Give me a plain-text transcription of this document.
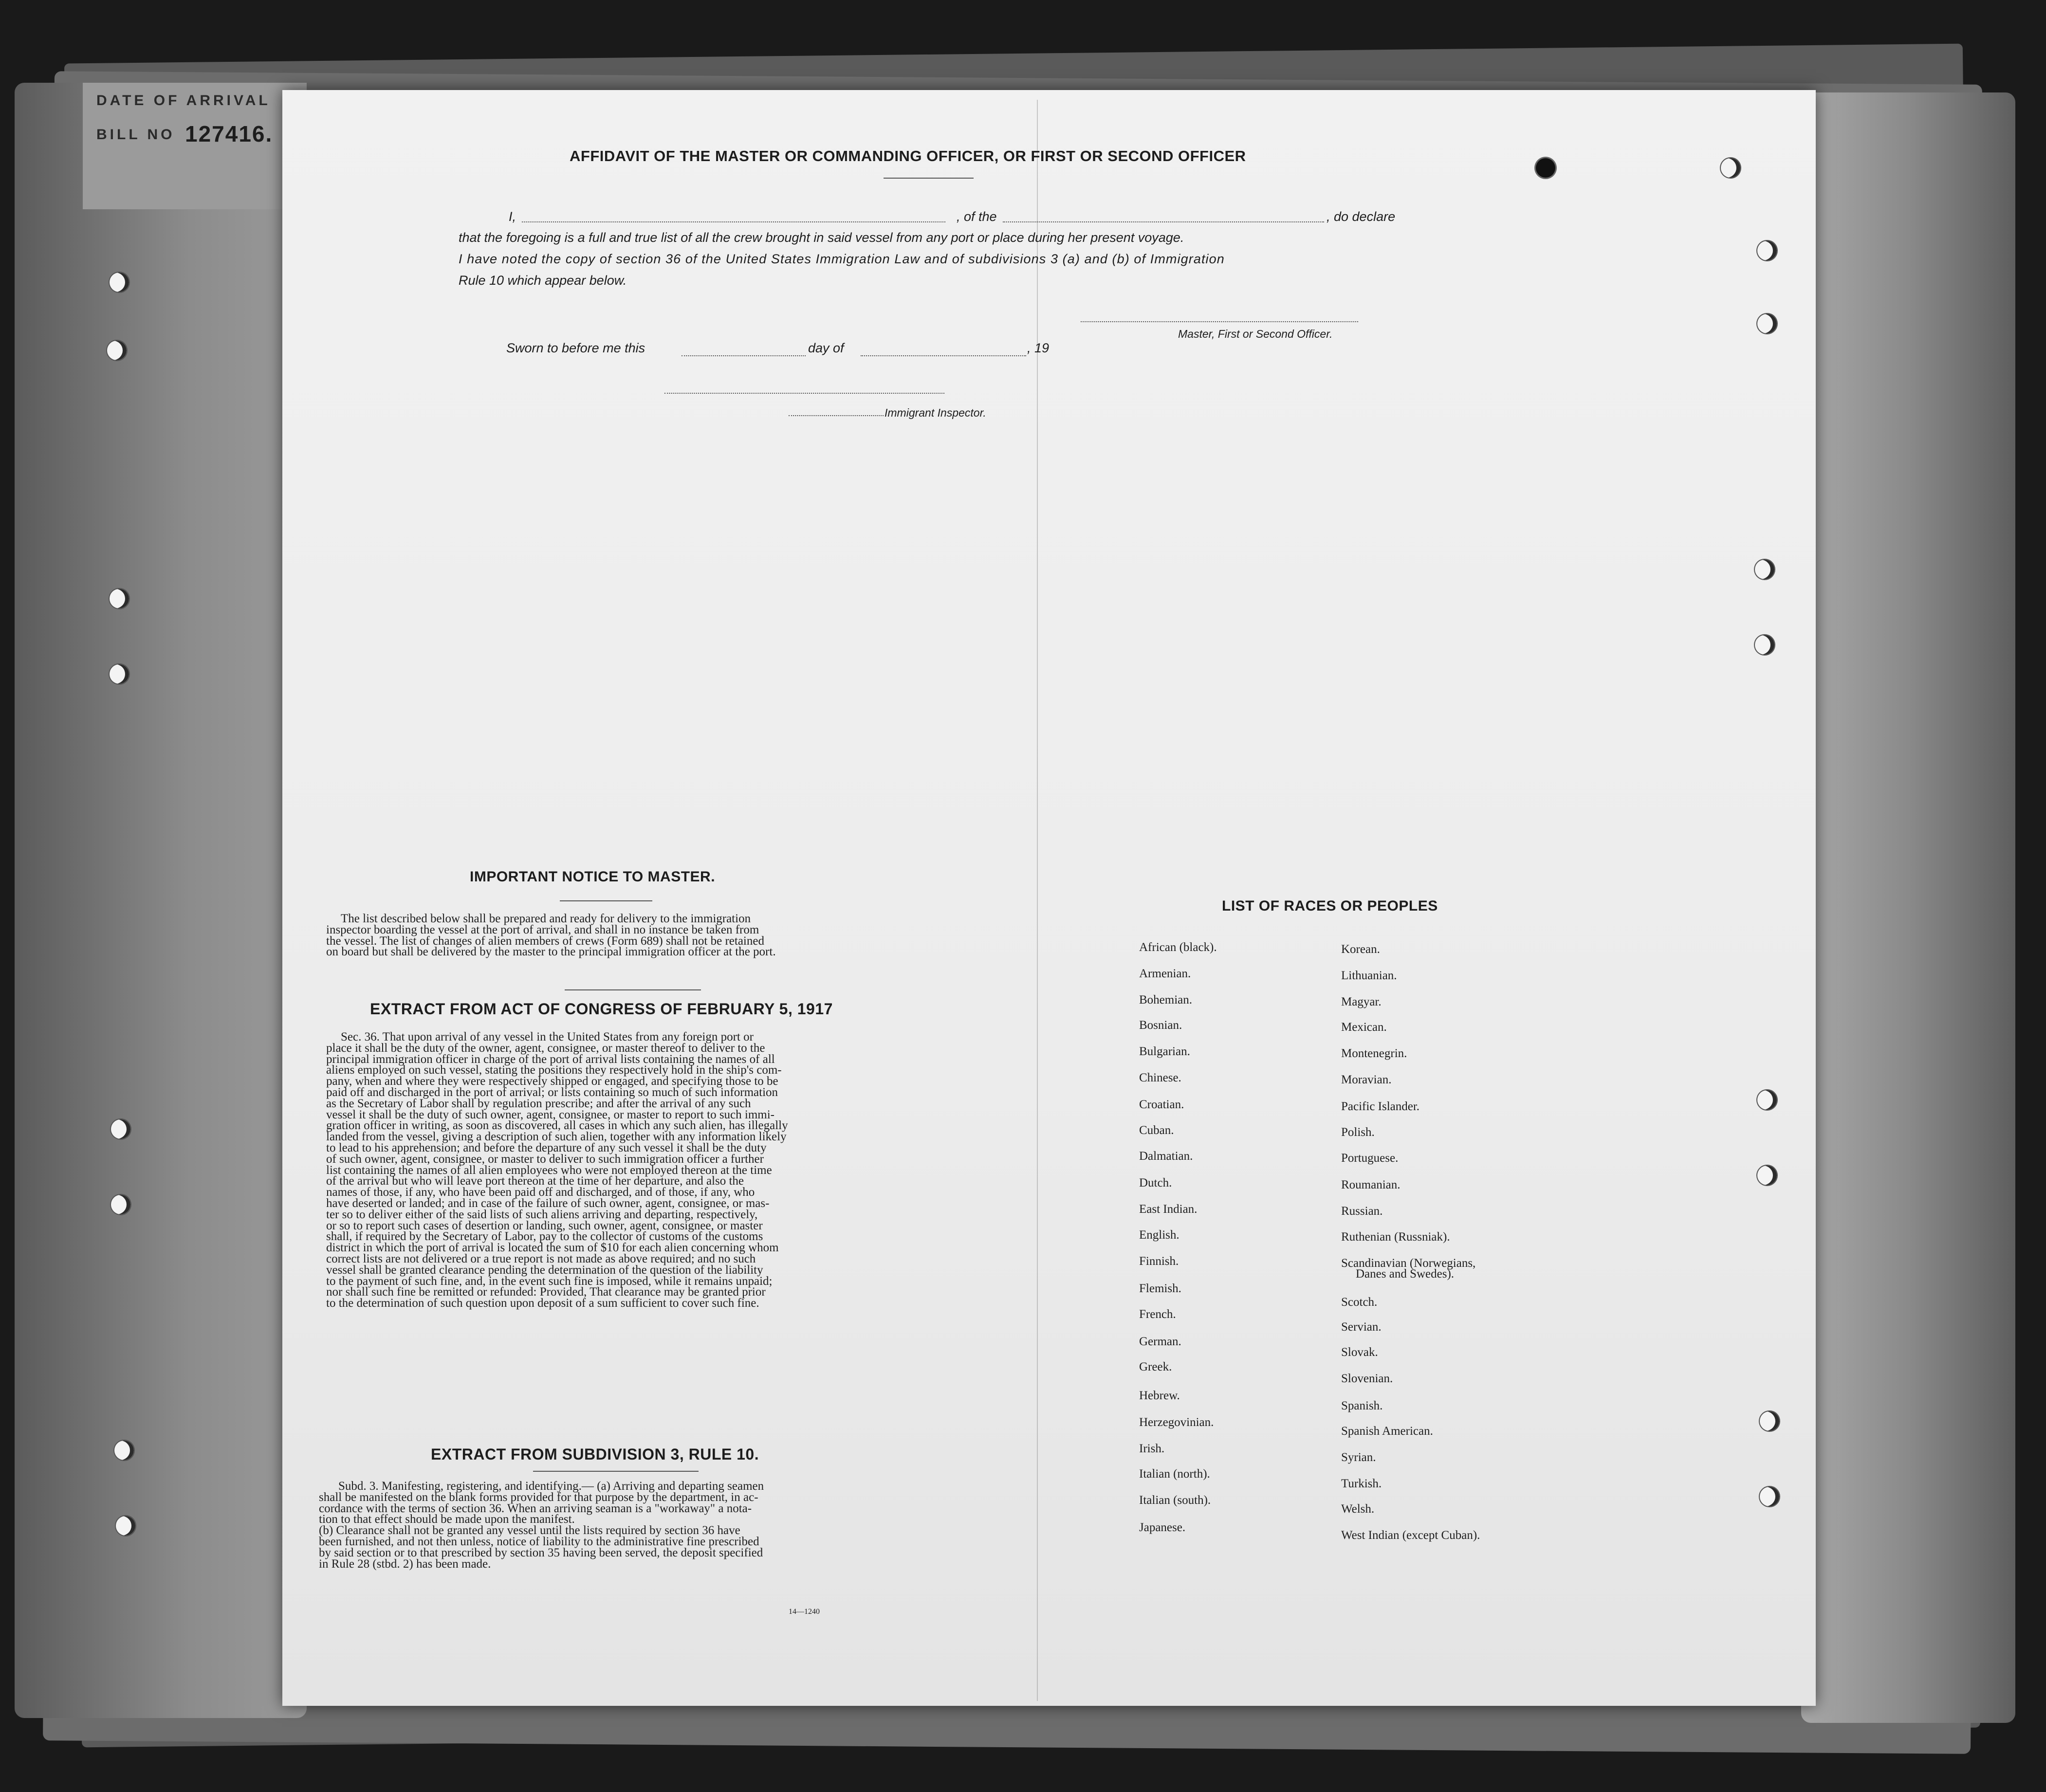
DATE OF ARRIVAL
BILL NO 127416.
AFFIDAVIT OF THE MASTER OR COMMANDING OFFICER, OR FIRST OR SECOND OFFICER
I,	, of the	, do declare
that the foregoing is a full and true list of all the crew brought in said vessel from any port or place during her present voyage.
I have noted the copy of section 36 of the United States Immigration Law and of subdivisions 3 (a) and (b) of Immigration
Rule 10 which appear below.
Master, First or Second Officer.
Sworn to before me this	day of	, 19
Immigrant Inspector.
IMPORTANT NOTICE TO MASTER.

The list described below shall be prepared and ready for delivery to the immigration

inspector boarding the vessel at the port of arrival, and shall in no instance be taken from

the vessel. The list of changes of alien members of crews (Form 689) shall not be retained

on board but shall be delivered by the master to the principal immigration officer at the port.

EXTRACT FROM ACT OF CONGRESS OF FEBRUARY 5, 1917

Sec. 36. That upon arrival of any vessel in the United States from any foreign port or

place it shall be the duty of the owner, agent, consignee, or master thereof to deliver to the

principal immigration officer in charge of the port of arrival lists containing the names of all

aliens employed on such vessel, stating the positions they respectively hold in the ship's com-

pany, when and where they were respectively shipped or engaged, and specifying those to be

paid off and discharged in the port of arrival; or lists containing so much of such information

as the Secretary of Labor shall by regulation prescribe; and after the arrival of any such

vessel it shall be the duty of such owner, agent, consignee, or master to report to such immi-

gration officer in writing, as soon as discovered, all cases in which any such alien, has illegally

landed from the vessel, giving a description of such alien, together with any information likely

to lead to his apprehension; and before the departure of any such vessel it shall be the duty

of such owner, agent, consignee, or master to deliver to such immigration officer a further

list containing the names of all alien employees who were not employed thereon at the time

of the arrival but who will leave port thereon at the time of her departure, and also the

names of those, if any, who have been paid off and discharged, and of those, if any, who

have deserted or landed; and in case of the failure of such owner, agent, consignee, or mas-

ter so to deliver either of the said lists of such aliens arriving and departing, respectively,

or so to report such cases of desertion or landing, such owner, agent, consignee, or master

shall, if required by the Secretary of Labor, pay to the collector of customs of the customs

district in which the port of arrival is located the sum of $10 for each alien concerning whom

correct lists are not delivered or a true report is not made as above required; and no such

vessel shall be granted clearance pending the determination of the question of the liability

to the payment of such fine, and, in the event such fine is imposed, while it remains unpaid;

nor shall such fine be remitted or refunded: Provided, That clearance may be granted prior

to the determination of such question upon deposit of a sum sufficient to cover such fine.

EXTRACT FROM SUBDIVISION 3, RULE 10.

Subd. 3. Manifesting, registering, and identifying.— (a) Arriving and departing seamen

shall be manifested on the blank forms provided for that purpose by the department, in ac-

cordance with the terms of section 36. When an arriving seaman is a "workaway" a nota-

tion to that effect should be made upon the manifest.

(b) Clearance shall not be granted any vessel until the lists required by section 36 have

been furnished, and not then unless, notice of liability to the administrative fine prescribed

by said section or to that prescribed by section 35 having been served, the deposit specified

in Rule 28 (stbd. 2) has been made.

14—1240
LIST OF RACES OR PEOPLES
African (black).
Armenian.
Bohemian.
Bosnian.
Bulgarian.
Chinese.
Croatian.
Cuban.
Dalmatian.
Dutch.
East Indian.
English.
Finnish.
Flemish.
French.
German.
Greek.
Hebrew.
Herzegovinian.
Irish.
Italian (north).
Italian (south).
Japanese.
Korean.
Lithuanian.
Magyar.
Mexican.
Montenegrin.
Moravian.
Pacific Islander.
Polish.
Portuguese.
Roumanian.
Russian.
Ruthenian (Russniak).
Scandinavian (Norwegians,
Danes and Swedes).
Scotch.
Servian.
Slovak.
Slovenian.
Spanish.
Spanish American.
Syrian.
Turkish.
Welsh.
West Indian (except Cuban).
